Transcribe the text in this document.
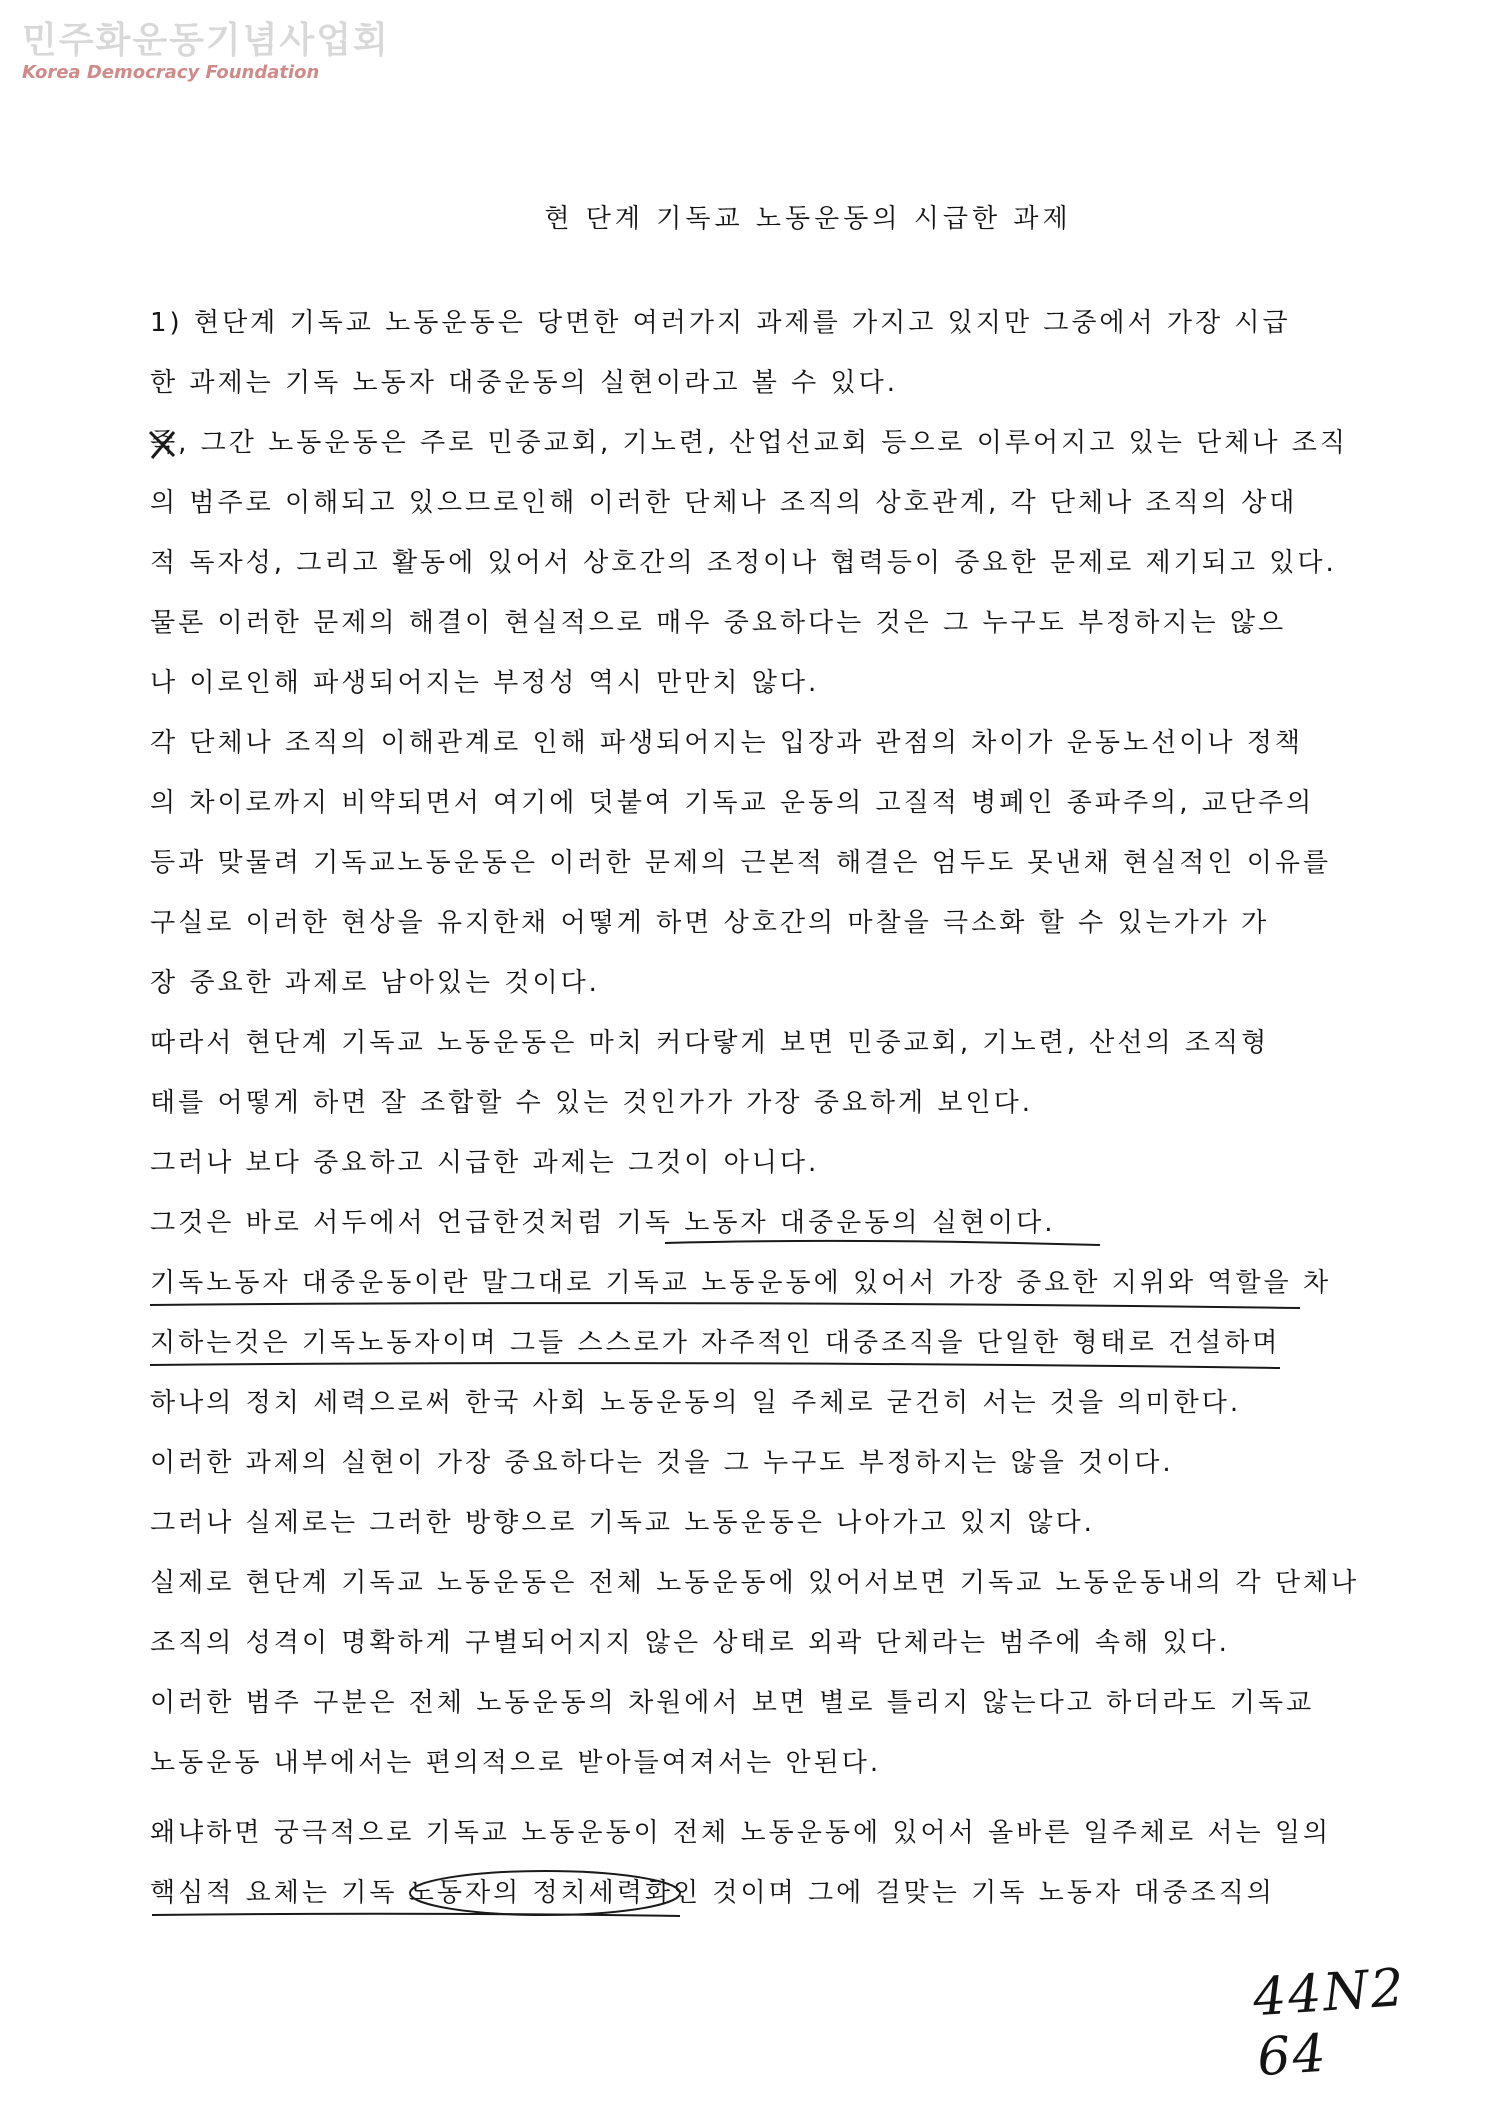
민주화운동기념사업회
Korea Democracy Foundation
현 단계 기독교 노동운동의 시급한 과제
1) 현단계 기독교 노동운동은 당면한 여러가지 과제를 가지고 있지만 그중에서 가장 시급
한 과제는 기독 노동자 대중운동의 실현이라고 볼 수 있다.
즉, 그간 노동운동은 주로 민중교회, 기노련, 산업선교회 등으로 이루어지고 있는 단체나 조직
의 범주로 이해되고 있으므로인해 이러한 단체나 조직의 상호관계, 각 단체나 조직의 상대
적 독자성, 그리고 활동에 있어서 상호간의 조정이나 협력등이 중요한 문제로 제기되고 있다.
물론 이러한 문제의 해결이 현실적으로 매우 중요하다는 것은 그 누구도 부정하지는 않으
나 이로인해 파생되어지는 부정성 역시 만만치 않다.
각 단체나 조직의 이해관계로 인해 파생되어지는 입장과 관점의 차이가 운동노선이나 정책
의 차이로까지 비약되면서 여기에 덧붙여 기독교 운동의 고질적 병폐인 종파주의, 교단주의
등과 맞물려 기독교노동운동은 이러한 문제의 근본적 해결은 엄두도 못낸채 현실적인 이유를
구실로 이러한 현상을 유지한채 어떻게 하면 상호간의 마찰을 극소화 할 수 있는가가 가
장 중요한 과제로 남아있는 것이다.
따라서 현단계 기독교 노동운동은 마치 커다랗게 보면 민중교회, 기노련, 산선의 조직형
태를 어떻게 하면 잘 조합할 수 있는 것인가가 가장 중요하게 보인다.
그러나 보다 중요하고 시급한 과제는 그것이 아니다.
그것은 바로 서두에서 언급한것처럼 기독 노동자 대중운동의 실현이다.
기독노동자 대중운동이란 말그대로 기독교 노동운동에 있어서 가장 중요한 지위와 역할을 차
지하는것은 기독노동자이며 그들 스스로가 자주적인 대중조직을 단일한 형태로 건설하며
하나의 정치 세력으로써 한국 사회 노동운동의 일 주체로 굳건히 서는 것을 의미한다.
이러한 과제의 실현이 가장 중요하다는 것을 그 누구도 부정하지는 않을 것이다.
그러나 실제로는 그러한 방향으로 기독교 노동운동은 나아가고 있지 않다.
실제로 현단계 기독교 노동운동은 전체 노동운동에 있어서보면 기독교 노동운동내의 각 단체나
조직의 성격이 명확하게 구별되어지지 않은 상태로 외곽 단체라는 범주에 속해 있다.
이러한 범주 구분은 전체 노동운동의 차원에서 보면 별로 틀리지 않는다고 하더라도 기독교
노동운동 내부에서는 편의적으로 받아들여져서는 안된다.
왜냐하면 궁극적으로 기독교 노동운동이 전체 노동운동에 있어서 올바른 일주체로 서는 일의
핵심적 요체는 기독 노동자의 정치세력화인 것이며 그에 걸맞는 기독 노동자 대중조직의
44N2 64
